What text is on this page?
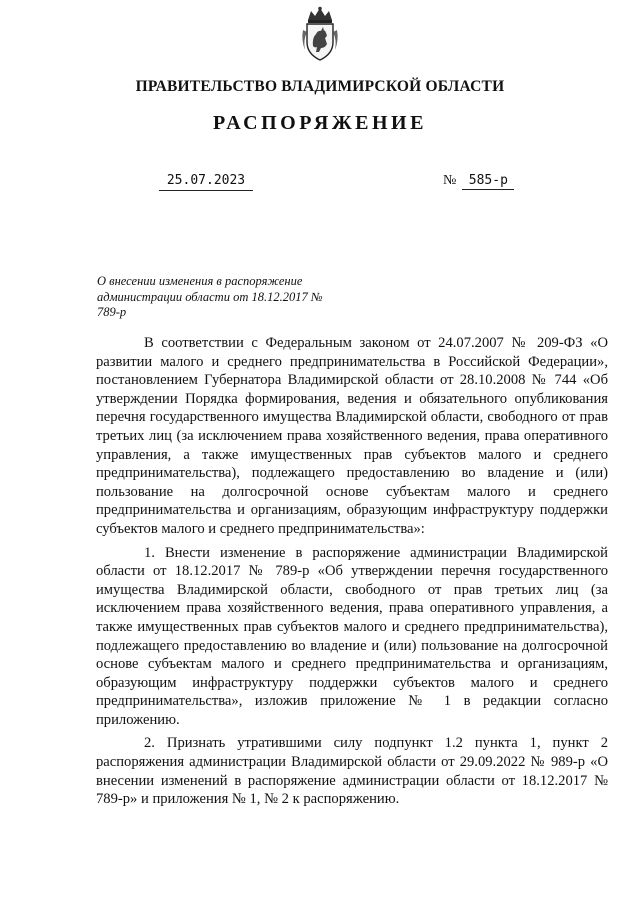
ПРАВИТЕЛЬСТВО ВЛАДИМИРСКОЙ ОБЛАСТИ
РАСПОРЯЖЕНИЕ
25.07.2023	№ 585-р
О внесении изменения в распоряжение администрации области от 18.12.2017 № 789-р

В соответствии с Федеральным законом от 24.07.2007 № 209-ФЗ «О развитии малого и среднего предпринимательства в Российской Федерации», постановлением Губернатора Владимирской области от 28.10.2008 № 744 «Об утверждении Порядка формирования, ведения и обязательного опубликования перечня государственного имущества Владимирской области, свободного от прав третьих лиц (за исключением права хозяйственного ведения, права оперативного управления, а также имущественных прав субъектов малого и среднего предпринимательства), подлежащего предоставлению во владение и (или) пользование на долгосрочной основе субъектам малого и среднего предпринимательства и организациям, образующим инфраструктуру поддержки субъектов малого и среднего предпринимательства»:

1. Внести изменение в распоряжение администрации Владимирской области от 18.12.2017 № 789-р «Об утверждении перечня государственного имущества Владимирской области, свободного от прав третьих лиц (за исключением права хозяйственного ведения, права оперативного управления, а также имущественных прав субъектов малого и среднего предпринимательства), подлежащего предоставлению во владение и (или) пользование на долгосрочной основе субъектам малого и среднего предпринимательства и организациям, образующим инфраструктуру поддержки субъектов малого и среднего предпринимательства», изложив приложение № 1 в редакции согласно приложению.

2. Признать утратившими силу подпункт 1.2 пункта 1, пункт 2 распоряжения администрации Владимирской области от 29.09.2022 № 989-р «О внесении изменений в распоряжение администрации области от 18.12.2017 № 789-р» и приложения № 1, № 2 к распоряжению.
